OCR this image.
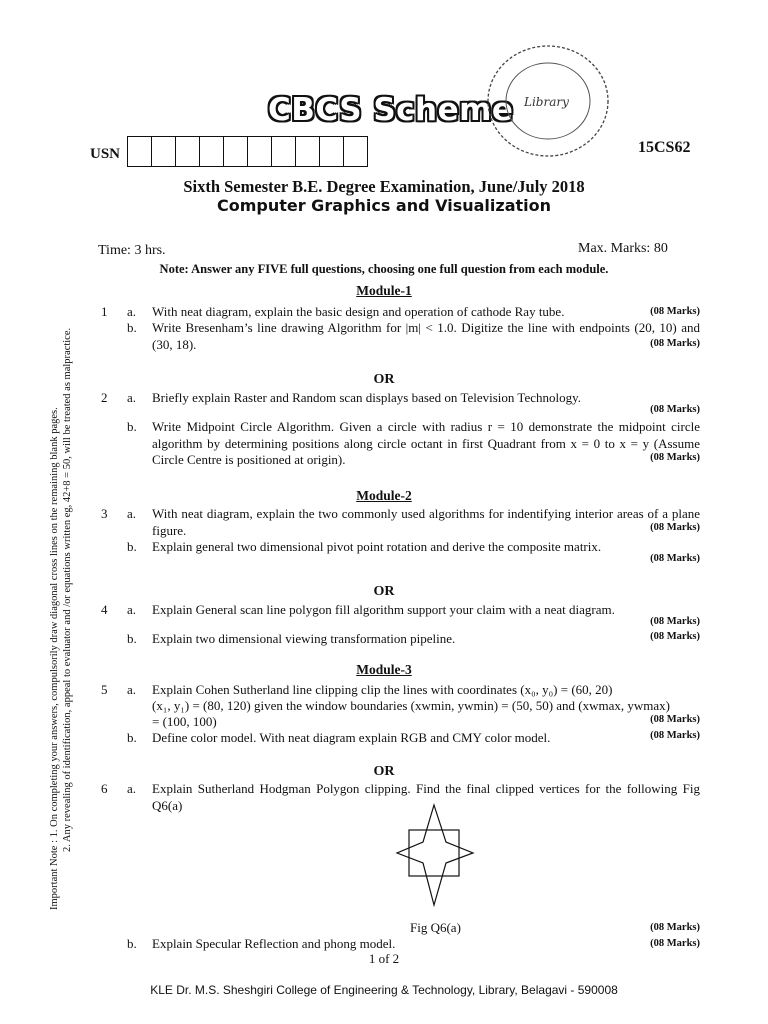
CBCS Scheme Library
USN	15CS62
Sixth Semester B.E. Degree Examination, June/July 2018
Computer Graphics and Visualization
Time: 3 hrs.	Max. Marks: 80
Note: Answer any FIVE full questions, choosing one full question from each module.
Important Note : 1. On completing your answers, compulsorily draw diagonal cross lines on the remaining blank pages. 2. Any revealing of identification, appeal to evaluator and /or equations written eg, 42+8 = 50, will be treated as malpractice.
Module-1
1 a. With neat diagram, explain the basic design and operation of cathode Ray tube.	(08 Marks)
b. Write Bresenham’s line drawing Algorithm for |m| < 1.0. Digitize the line with endpoints (20, 10) and (30, 18).	(08 Marks)
OR
2 a. Briefly explain Raster and Random scan displays based on Television Technology.
(08 Marks)
b. Write Midpoint Circle Algorithm. Given a circle with radius r = 10 demonstrate the midpoint circle algorithm by determining positions along circle octant in first Quadrant from x = 0 to x = y (Assume Circle Centre is positioned at origin).	(08 Marks)
Module-2
3 a. With neat diagram, explain the two commonly used algorithms for indentifying interior areas of a plane figure.	(08 Marks)
b. Explain general two dimensional pivot point rotation and derive the composite matrix.
(08 Marks)
OR
4 a. Explain General scan line polygon fill algorithm support your claim with a neat diagram.
(08 Marks)
b. Explain two dimensional viewing transformation pipeline.	(08 Marks)
Module-3
5 a. Explain Cohen Sutherland line clipping clip the lines with coordinates (x₀, y₀) = (60, 20)
(x₁, y₁) = (80, 120) given the window boundaries (xwmin, ywmin) = (50, 50) and (xwmax, ywmax)
= (100, 100)	(08 Marks)
b. Define color model. With neat diagram explain RGB and CMY color model.	(08 Marks)
OR
6 a. Explain Sutherland Hodgman Polygon clipping. Find the final clipped vertices for the following Fig Q6(a)
Fig Q6(a)	(08 Marks)
b. Explain Specular Reflection and phong model.	(08 Marks)
1 of 2
KLE Dr. M.S. Sheshgiri College of Engineering & Technology, Library, Belagavi - 590008
